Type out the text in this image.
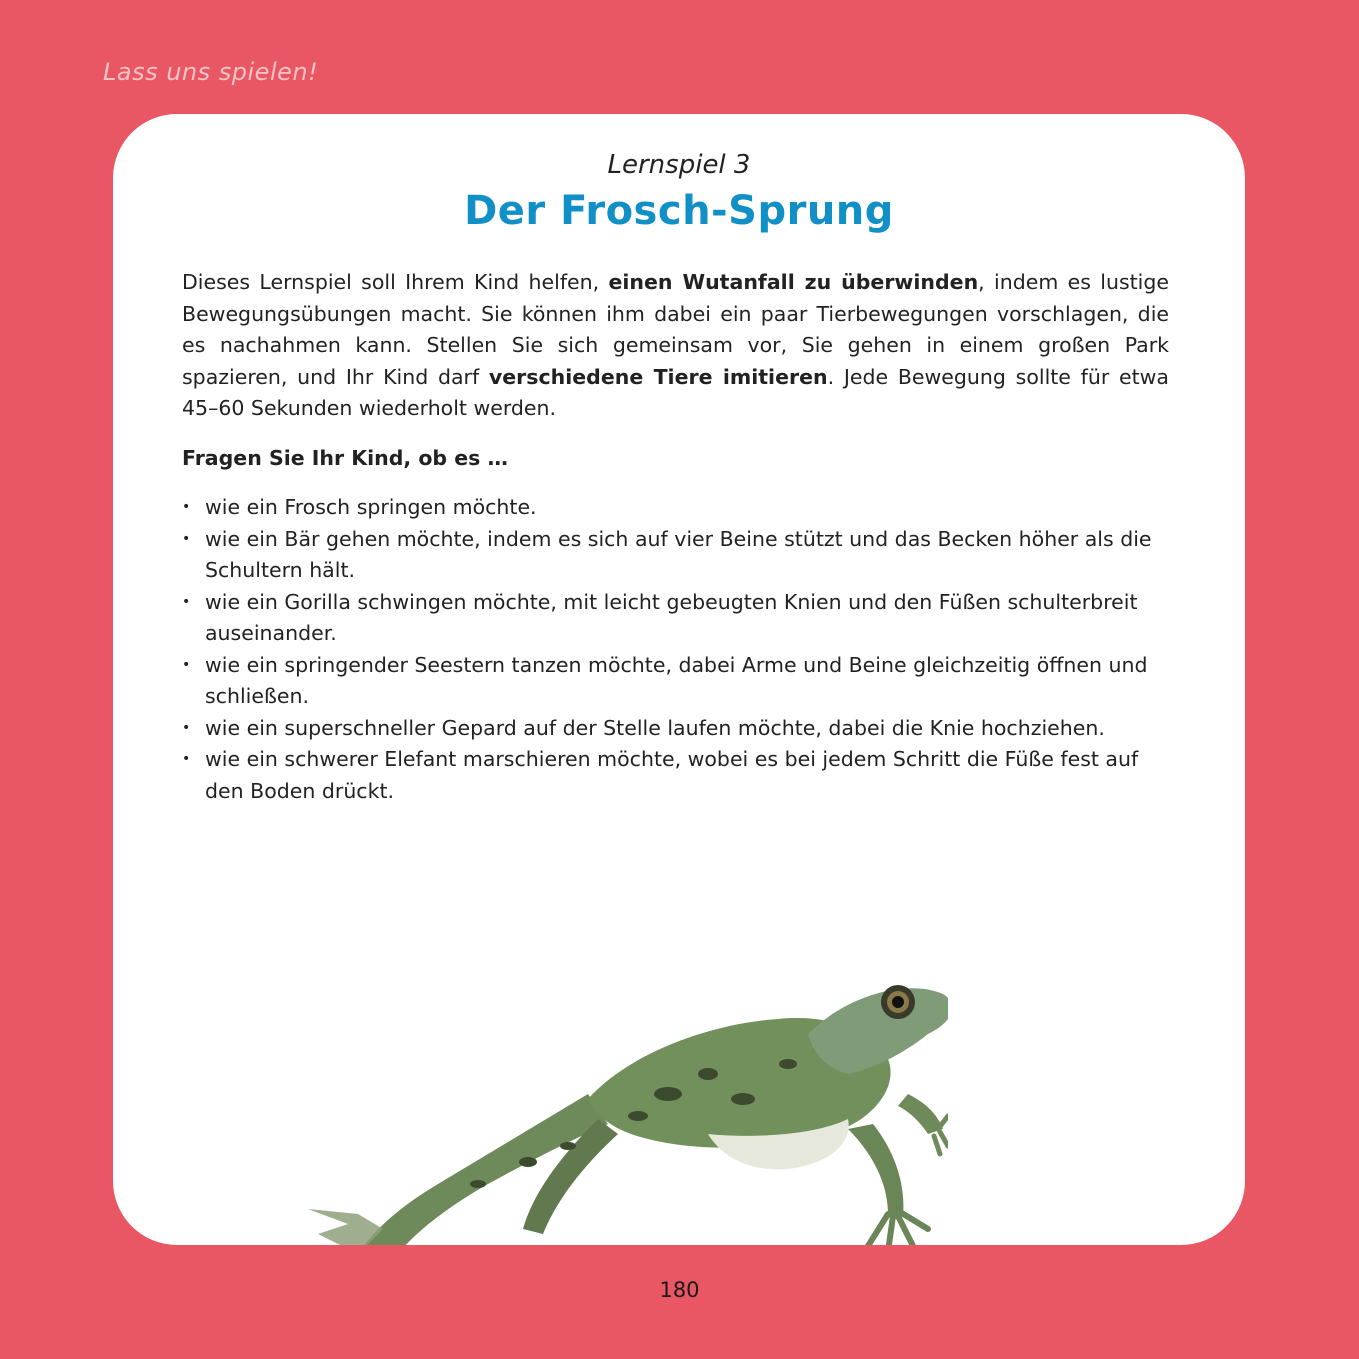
Lass uns spielen!
Lernspiel 3
Der Frosch-Sprung

Dieses Lernspiel soll Ihrem Kind helfen, einen Wutanfall zu überwinden, indem es lustige Bewegungsübungen macht. Sie können ihm dabei ein paar Tierbewegungen vorschlagen, die es nachahmen kann. Stellen Sie sich gemeinsam vor, Sie gehen in einem großen Park spazieren, und Ihr Kind darf verschiedene Tiere imitieren. Jede Bewegung sollte für etwa 45–60 Sekunden wiederholt werden.

Fragen Sie Ihr Kind, ob es …
• wie ein Frosch springen möchte.
• wie ein Bär gehen möchte, indem es sich auf vier Beine stützt und das Becken höher als die Schultern hält.
• wie ein Gorilla schwingen möchte, mit leicht gebeugten Knien und den Füßen schulterbreit auseinander.
• wie ein springender Seestern tanzen möchte, dabei Arme und Beine gleichzeitig öffnen und schließen.
• wie ein superschneller Gepard auf der Stelle laufen möchte, dabei die Knie hochziehen.
• wie ein schwerer Elefant marschieren möchte, wobei es bei jedem Schritt die Füße fest auf den Boden drückt.
180
